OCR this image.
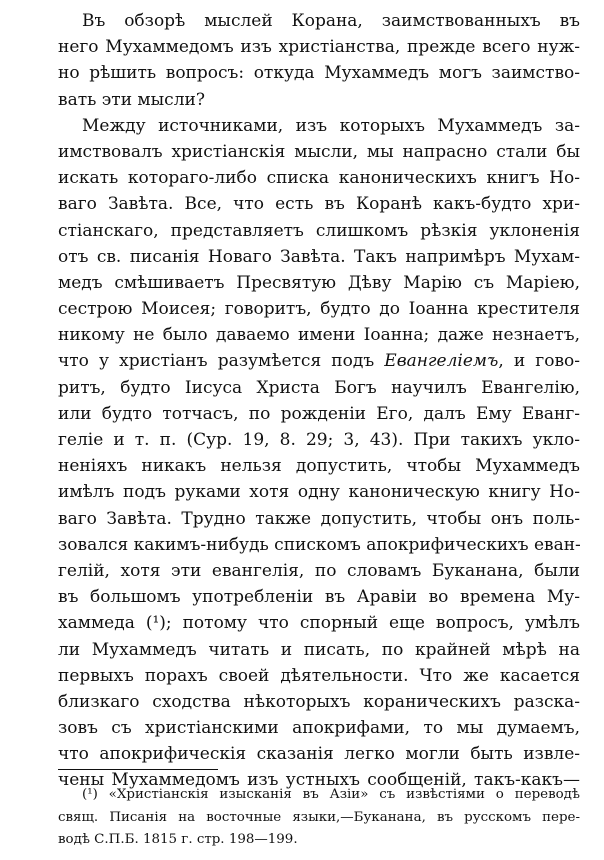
Въ обзорѣ мыслей Корана, заимствованныхъ въ
него Мухаммедомъ изъ христіанства, прежде всего нуж-
но рѣшить вопросъ: откуда Мухаммедъ могъ заимство-
вать эти мысли?
Между источниками, изъ которыхъ Мухаммедъ за-
имствовалъ христіанскія мысли, мы напрасно стали бы
искать котораго-либо списка каноническихъ книгъ Но-
ваго Завѣта. Все, что есть въ Коранѣ какъ-будто хри-
стіанскаго, представляетъ слишкомъ рѣзкія уклоненія
отъ св. писанія Новаго Завѣта. Такъ напримѣръ Мухам-
медъ смѣшиваетъ Пресвятую Дѣву Марію съ Маріею,
сестрою Моисея; говоритъ, будто до Іоанна крестителя
никому не было даваемо имени Іоанна; даже незнаетъ,
что у христіанъ разумѣется подъ Евангеліемъ, и гово-
ритъ, будто Іисуса Христа Богъ научилъ Евангелію,
или будто тотчасъ, по рожденіи Его, далъ Ему Еванг-
геліе и т. п. (Сур. 19, 8. 29; 3, 43). При такихъ укло-
неніяхъ никакъ нельзя допустить, чтобы Мухаммедъ
имѣлъ подъ руками хотя одну каноническую книгу Но-
ваго Завѣта. Трудно также допустить, чтобы онъ поль-
зовался какимъ-нибудь спискомъ апокрифическихъ еван-
гелій, хотя эти евангелія, по словамъ Буканана, были
въ большомъ употребленіи въ Аравіи во времена Му-
хаммеда (¹); потому что спорный еще вопросъ, умѣлъ
ли Мухаммедъ читать и писать, по крайней мѣрѣ на
первыхъ порахъ своей дѣятельности. Что же касается
близкаго сходства нѣкоторыхъ кораническихъ разска-
зовъ съ христіанскими апокрифами, то мы думаемъ,
что апокрифическія сказанія легко могли быть извле-
чены Мухаммедомъ изъ устныхъ сообщеній, такъ-какъ—
(¹) «Христіанскія изысканія въ Азіи» съ извѣстіями о переводѣ
свящ. Писанія на восточные языки,—Буканана, въ русскомъ пере-
водѣ С.П.Б. 1815 г. стр. 198—199.
